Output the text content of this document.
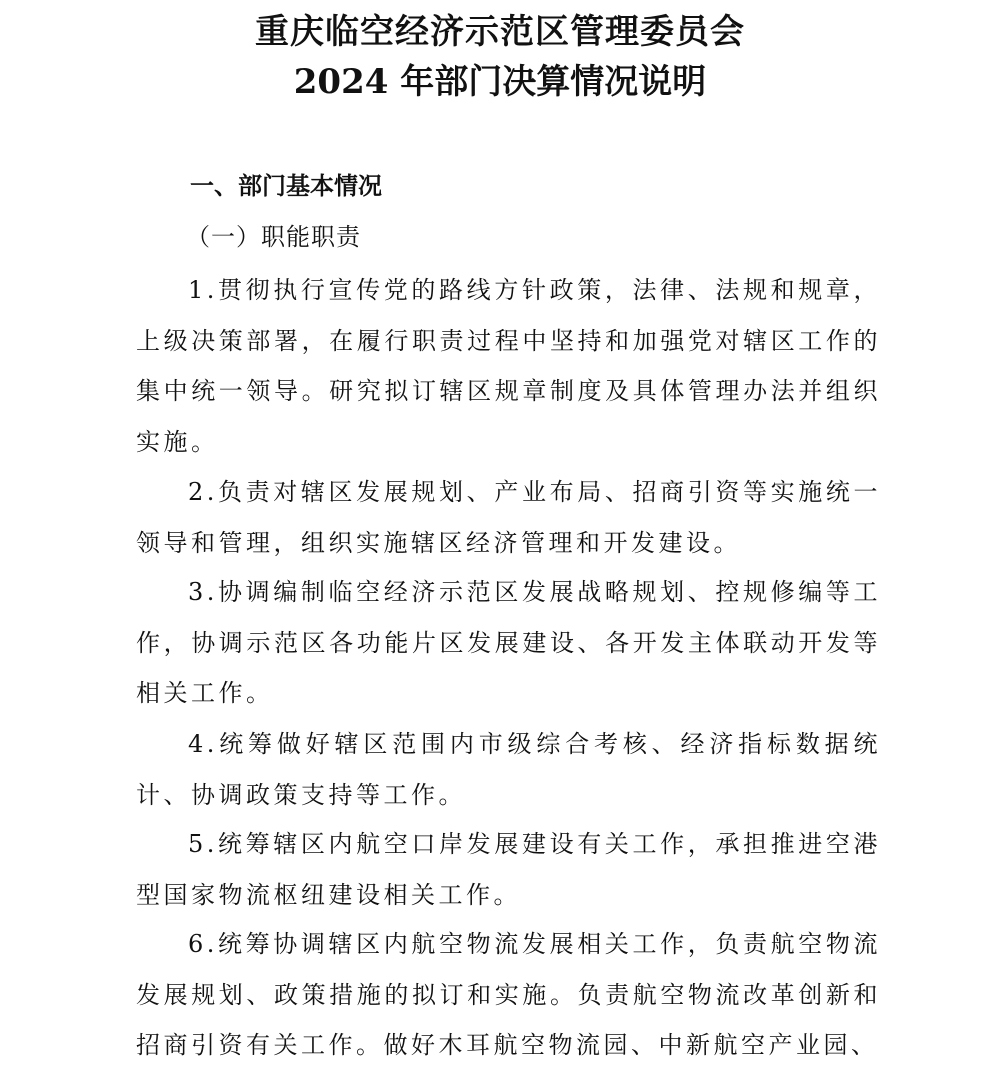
重庆临空经济示范区管理委员会
2024 年部门决算情况说明
一、部门基本情况
（一）职能职责

1.贯彻执行宣传党的路线方针政策，法律、法规和规章，上级决策部署，在履行职责过程中坚持和加强党对辖区工作的集中统一领导。研究拟订辖区规章制度及具体管理办法并组织实施。

2.负责对辖区发展规划、产业布局、招商引资等实施统一领导和管理，组织实施辖区经济管理和开发建设。

3.协调编制临空经济示范区发展战略规划、控规修编等工作，协调示范区各功能片区发展建设、各开发主体联动开发等相关工作。

4.统筹做好辖区范围内市级综合考核、经济指标数据统计、协调政策支持等工作。

5.统筹辖区内航空口岸发展建设有关工作，承担推进空港型国家物流枢纽建设相关工作。

6.统筹协调辖区内航空物流发展相关工作，负责航空物流发展规划、政策措施的拟订和实施。负责航空物流改革创新和招商引资有关工作。做好木耳航空物流园、中新航空产业园、
